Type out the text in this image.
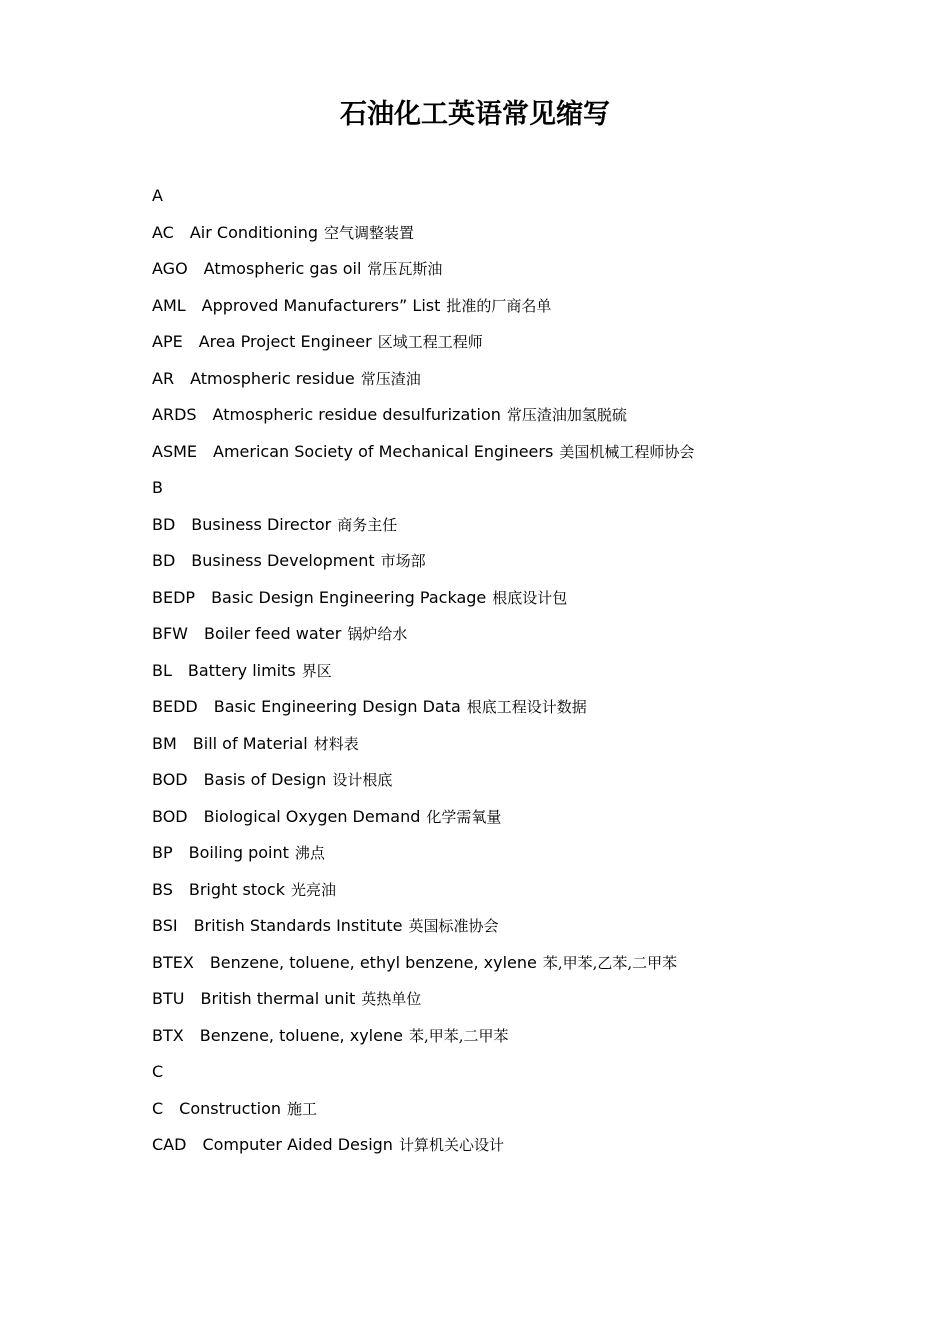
石油化工英语常见缩写
A
AC Air Conditioning 空气调整装置
AGO Atmospheric gas oil 常压瓦斯油
AML Approved Manufacturers” List 批准的厂商名单
APE Area Project Engineer 区域工程工程师
AR Atmospheric residue 常压渣油
ARDS Atmospheric residue desulfurization 常压渣油加氢脱硫
ASME American Society of Mechanical Engineers 美国机械工程师协会
B
BD Business Director 商务主任
BD Business Development 市场部
BEDP Basic Design Engineering Package 根底设计包
BFW Boiler feed water 锅炉给水
BL Battery limits 界区
BEDD Basic Engineering Design Data 根底工程设计数据
BM Bill of Material 材料表
BOD Basis of Design 设计根底
BOD Biological Oxygen Demand 化学需氧量
BP Boiling point 沸点
BS Bright stock 光亮油
BSI British Standards Institute 英国标准协会
BTEX Benzene, toluene, ethyl benzene, xylene 苯,甲苯,乙苯,二甲苯
BTU British thermal unit 英热单位
BTX Benzene, toluene, xylene 苯,甲苯,二甲苯
C
C Construction 施工
CAD Computer Aided Design 计算机关心设计
